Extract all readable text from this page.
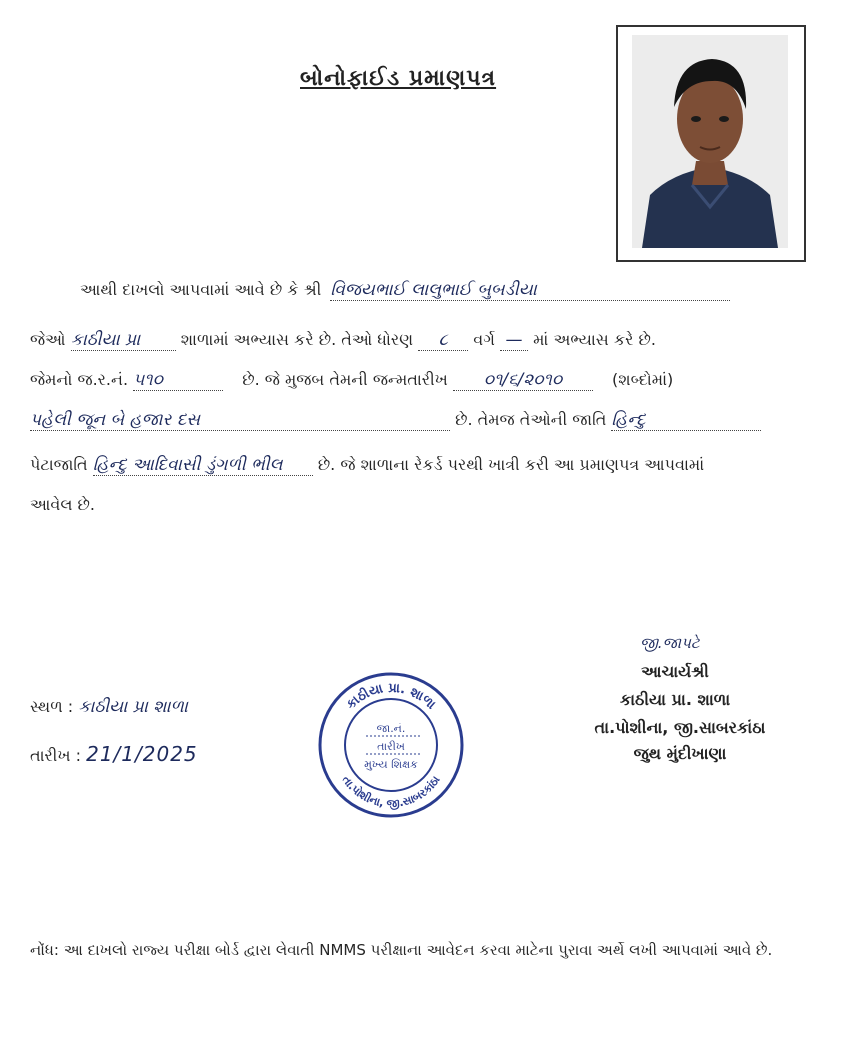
બોનોફાઈડ પ્રમાણપત્ર
આથી દાખલો આપવામાં આવે છે કે શ્રી વિજયભાઈ લાલુભાઈ બુબડીયા
જેઓ કાઠીયા પ્રા	શાળામાં અભ્યાસ કરે છે. તેઓ ધોરણ ૮ વર્ગ — માં અભ્યાસ કરે છે.
જેમનો જ.ર.નં. ૫૧૦	છે. જે મુજબ તેમની જન્મતારીખ ૦૧/૬/૨૦૧૦	(શબ્દોમાં)
પહેલી જૂન બે હજાર દસ	છે. તેમજ તેઓની જાતિ હિન્દુ
પેટાજાતિ હિન્દુ આદિવાસી ડુંગળી ભીલ છે. જે શાળાના રેકર્ડ પરથી ખાત્રી કરી આ પ્રમાણપત્ર આપવામાં
આવેલ છે.
સ્થળ : કાઠીયા પ્રા શાળા
તારીખ : 21/1/2025
કાઠીયા પ્રા. શાળા
તા.પોશીના, જી.સાબરકાંઠા
જા.નં.
તારીખ
મુખ્ય શિક્ષક
જી.જાપટે
આચાર્યશ્રી
કાઠીયા પ્રા. શાળા
તા.પોશીના, જી.સાબરકાંઠા
જુથ મુંદીખાણા
નોંધ: આ દાખલો રાજ્ય પરીક્ષા બોર્ડ દ્વારા લેવાતી NMMS પરીક્ષાના આવેદન કરવા માટેના પુરાવા અર્થે લખી આપવામાં આવે છે.
